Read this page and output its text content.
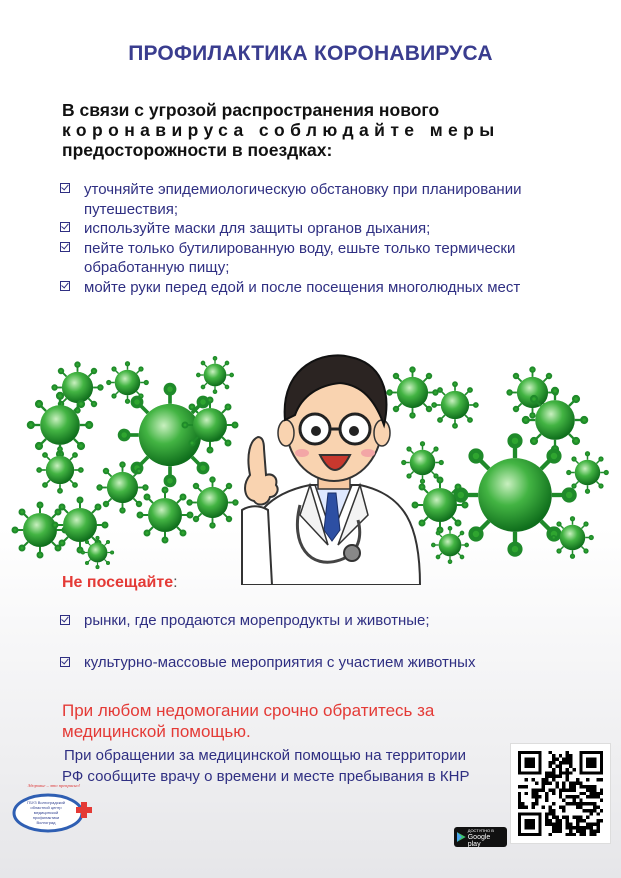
ПРОФИЛАКТИКА КОРОНАВИРУСА
В связи с угрозой распространения нового
коронавируса соблюдайте меры
предосторожности в поездках:
уточняйте эпидемиологическую обстановку при планировании путешествия;
используйте маски для защиты органов дыхания;
пейте только бутилированную воду, ешьте только термически обработанную пищу;
мойте руки перед едой и после посещения многолюдных мест
Не посещайте:
рынки, где продаются морепродукты и животные;
культурно-массовые мероприятия с участием животных
При любом недомогании срочно обратитесь за
медицинской помощью.
При обращении за медицинской помощью на территории
РФ сообщите врачу о времени и месте пребывания в КНР
Здоровье – это прекрасно!
ГБУЗ Волгоградский
областной центр
медицинской
профилактики
Волгоград
ДОСТУПНО В
Google play
